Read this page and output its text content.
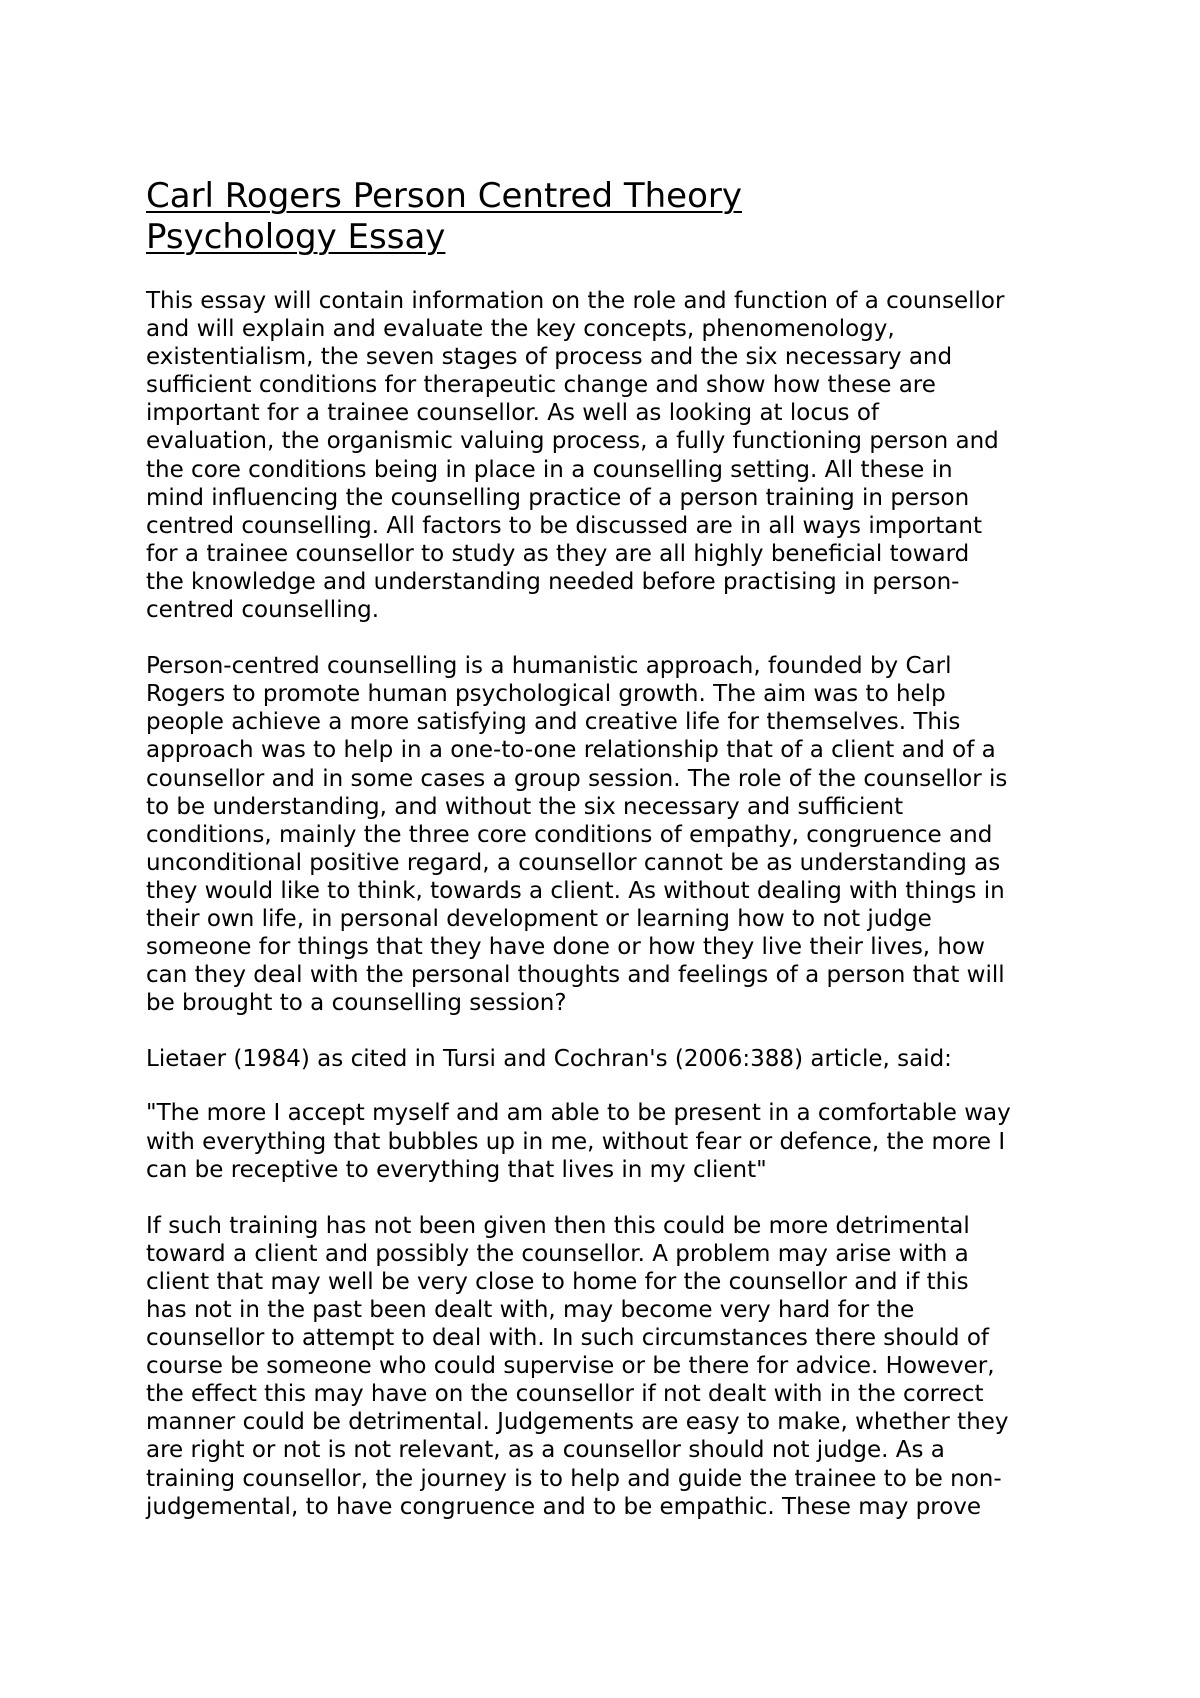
Carl Rogers Person Centred Theory
Psychology Essay

This essay will contain information on the role and function of a counsellor
and will explain and evaluate the key concepts, phenomenology,
existentialism, the seven stages of process and the six necessary and
sufficient conditions for therapeutic change and show how these are
important for a trainee counsellor. As well as looking at locus of
evaluation, the organismic valuing process, a fully functioning person and
the core conditions being in place in a counselling setting. All these in
mind influencing the counselling practice of a person training in person
centred counselling. All factors to be discussed are in all ways important
for a trainee counsellor to study as they are all highly beneficial toward
the knowledge and understanding needed before practising in person-
centred counselling.

Person-centred counselling is a humanistic approach, founded by Carl
Rogers to promote human psychological growth. The aim was to help
people achieve a more satisfying and creative life for themselves. This
approach was to help in a one-to-one relationship that of a client and of a
counsellor and in some cases a group session. The role of the counsellor is
to be understanding, and without the six necessary and sufficient
conditions, mainly the three core conditions of empathy, congruence and
unconditional positive regard, a counsellor cannot be as understanding as
they would like to think, towards a client. As without dealing with things in
their own life, in personal development or learning how to not judge
someone for things that they have done or how they live their lives, how
can they deal with the personal thoughts and feelings of a person that will
be brought to a counselling session?

Lietaer (1984) as cited in Tursi and Cochran's (2006:388) article, said:

"The more I accept myself and am able to be present in a comfortable way
with everything that bubbles up in me, without fear or defence, the more I
can be receptive to everything that lives in my client"

If such training has not been given then this could be more detrimental
toward a client and possibly the counsellor. A problem may arise with a
client that may well be very close to home for the counsellor and if this
has not in the past been dealt with, may become very hard for the
counsellor to attempt to deal with. In such circumstances there should of
course be someone who could supervise or be there for advice. However,
the effect this may have on the counsellor if not dealt with in the correct
manner could be detrimental. Judgements are easy to make, whether they
are right or not is not relevant, as a counsellor should not judge. As a
training counsellor, the journey is to help and guide the trainee to be non-
judgemental, to have congruence and to be empathic. These may prove
